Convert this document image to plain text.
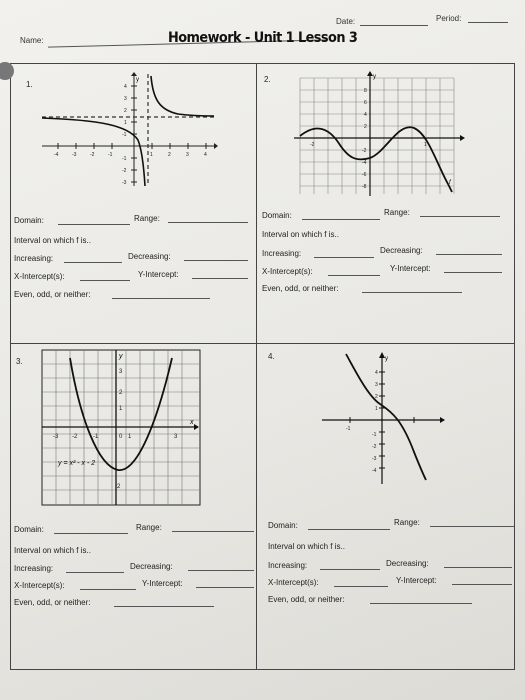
Date:	Period:
Name:	Homework - Unit 1 Lesson 3
1.	y
-4	-3	-2	-1	1	2	3	4
4
3
2
1
-1
-1
-2
-3
2.	y
8
6
4
2
-2
-4
-6
-8
-2	1
f
3.
y
x
-3 -2	-1	0 1	3
3
2
1
2
y = x² - x - 2
4.	y
-1
4
3
2
1
-1
-2
-3
-4
Domain:	Range:
Interval on which f is..
Increasing:	Decreasing:
X-Intercept(s):	Y-Intercept:
Even, odd, or neither:
Domain:	Range:
Interval on which f is..
Increasing:	Decreasing:
X-Intercept(s):	Y-Intercept:
Even, odd, or neither:
Domain:	Range:
Interval on which f is..
Increasing:	Decreasing:
X-Intercept(s):	Y-Intercept:
Even, odd, or neither:
Domain:	Range:
Interval on which f is..
Increasing:	Decreasing:
X-Intercept(s):	Y-Intercept:
Even, odd, or neither:
